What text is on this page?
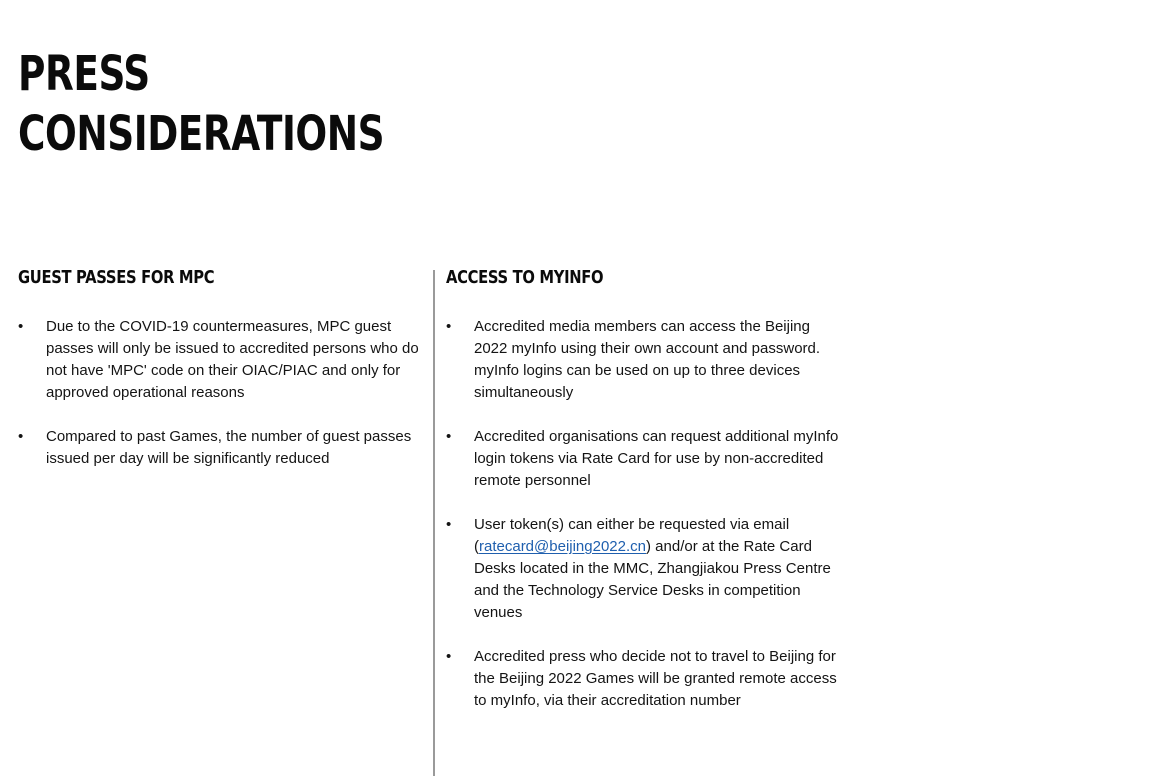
PRESS
CONSIDERATIONS
GUEST PASSES FOR MPC
•	Due to the COVID-19 countermeasures, MPC guest passes will only be issued to accredited persons who do not have 'MPC' code on their OIAC/PIAC and only for approved operational reasons
•	Compared to past Games, the number of guest passes issued per day will be significantly reduced
ACCESS TO MYINFO
•	Accredited media members can access the Beijing 2022 myInfo using their own account and password. myInfo logins can be used on up to three devices simultaneously
•	Accredited organisations can request additional myInfo login tokens via Rate Card for use by non-accredited remote personnel
•	User token(s) can either be requested via email (ratecard@beijing2022.cn) and/or at the Rate Card Desks located in the MMC, Zhangjiakou Press Centre and the Technology Service Desks in competition venues
•	Accredited press who decide not to travel to Beijing for the Beijing 2022 Games will be granted remote access to myInfo, via their accreditation number
